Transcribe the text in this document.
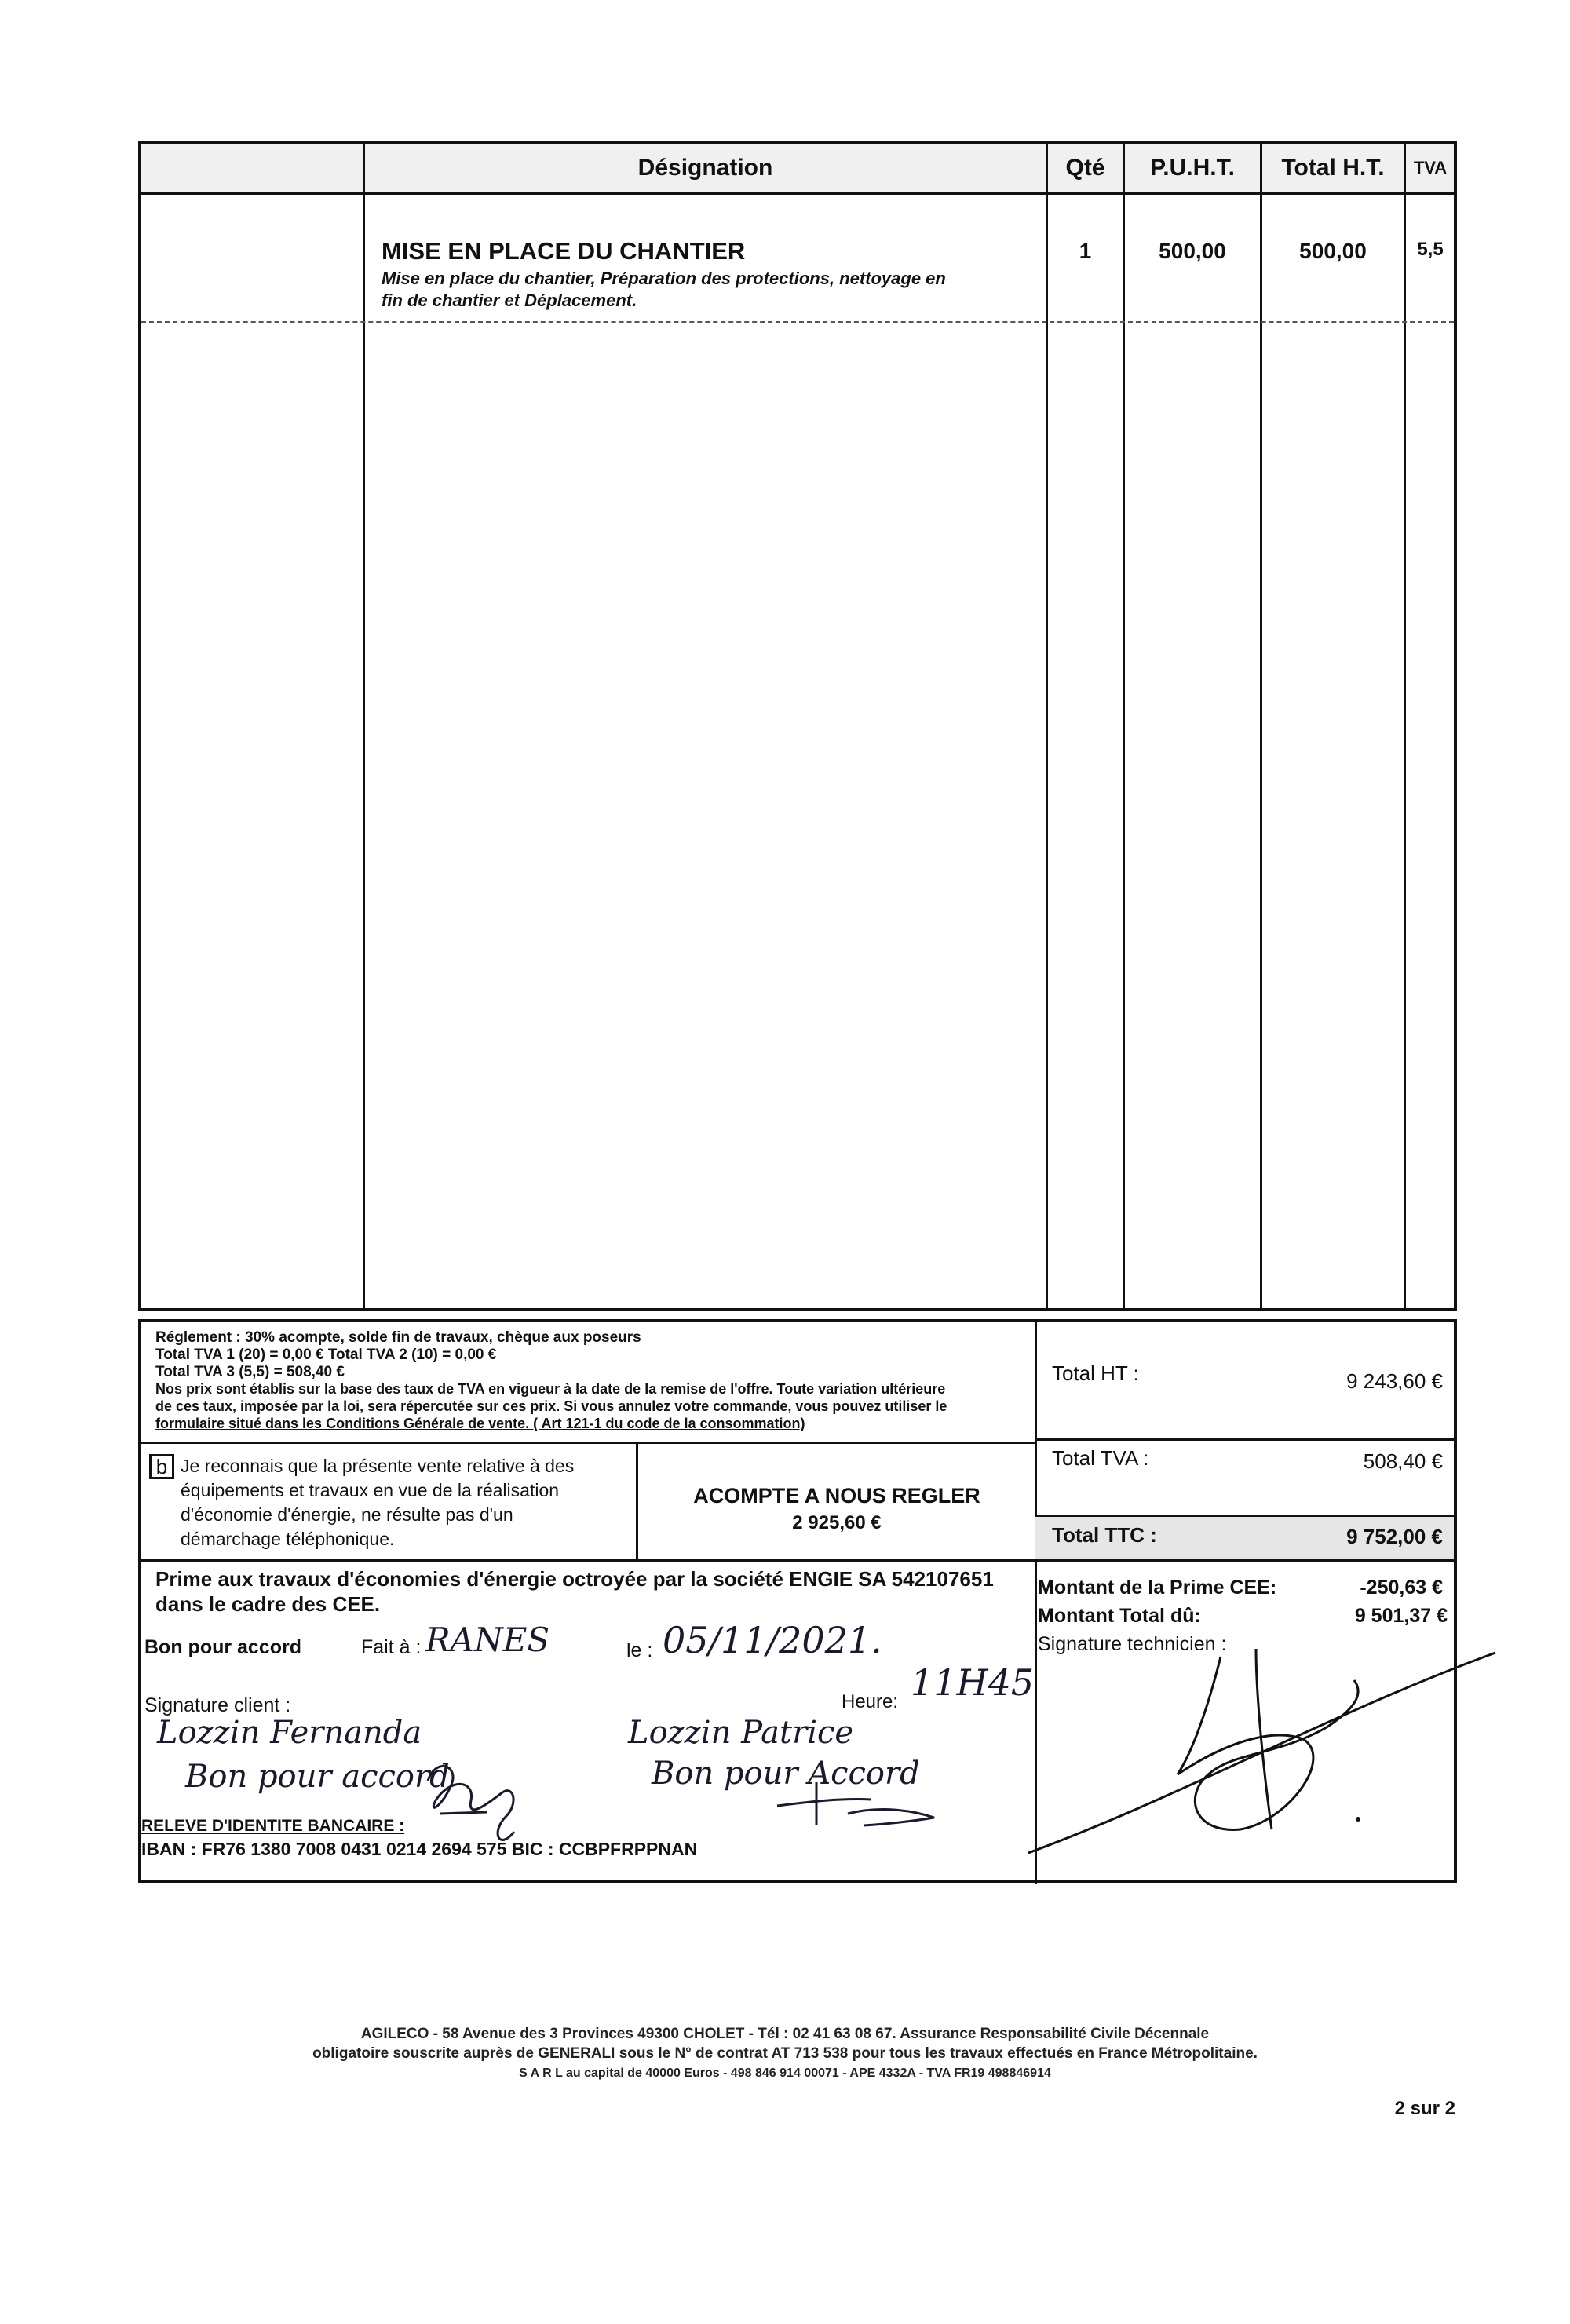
Désignation	Qté	P.U.H.T.	Total H.T.	TVA
MISE EN PLACE DU CHANTIER
Mise en place du chantier, Préparation des protections, nettoyage en
fin de chantier et Déplacement.
1	500,00	500,00	5,5
Réglement : 30% acompte, solde fin de travaux, chèque aux poseurs
Total TVA 1 (20) = 0,00 € Total TVA 2 (10) = 0,00 €
Total TVA 3 (5,5) = 508,40 €
Nos prix sont établis sur la base des taux de TVA en vigueur à la date de la remise de l'offre. Toute variation ultérieure
de ces taux, imposée par la loi, sera répercutée sur ces prix. Si vous annulez votre commande, vous pouvez utiliser le
formulaire situé dans les Conditions Générale de vente. ( Art 121-1 du code de la consommation)
b Je reconnais que la présente vente relative à des
équipements et travaux en vue de la réalisation
d'économie d'énergie, ne résulte pas d'un
démarchage téléphonique.
ACOMPTE A NOUS REGLER
2 925,60 €
Total HT :	9 243,60 €
Total TVA :	508,40 €
Total TTC :	9 752,00 €
Prime aux travaux d'économies d'énergie octroyée par la société ENGIE SA 542107651
dans le cadre des CEE.
Montant de la Prime CEE:	-250,63 €
Montant Total dû:	9 501,37 €
Signature technicien :
Bon pour accord	Fait à : RANES	le : 05/11/2021.
Signature client :	Heure: 11H45
Lozzin Fernanda
Bon pour accord
Lozzin Patrice
Bon pour Accord
RELEVE D'IDENTITE BANCAIRE :
IBAN : FR76 1380 7008 0431 0214 2694 575 BIC : CCBPFRPPNAN
AGILECO - 58 Avenue des 3 Provinces 49300 CHOLET - Tél : 02 41 63 08 67. Assurance Responsabilité Civile Décennale
obligatoire souscrite auprès de GENERALI sous le N° de contrat AT 713 538 pour tous les travaux effectués en France Métropolitaine.
S A R L au capital de 40000 Euros - 498 846 914 00071 - APE 4332A - TVA FR19 498846914
2 sur 2
